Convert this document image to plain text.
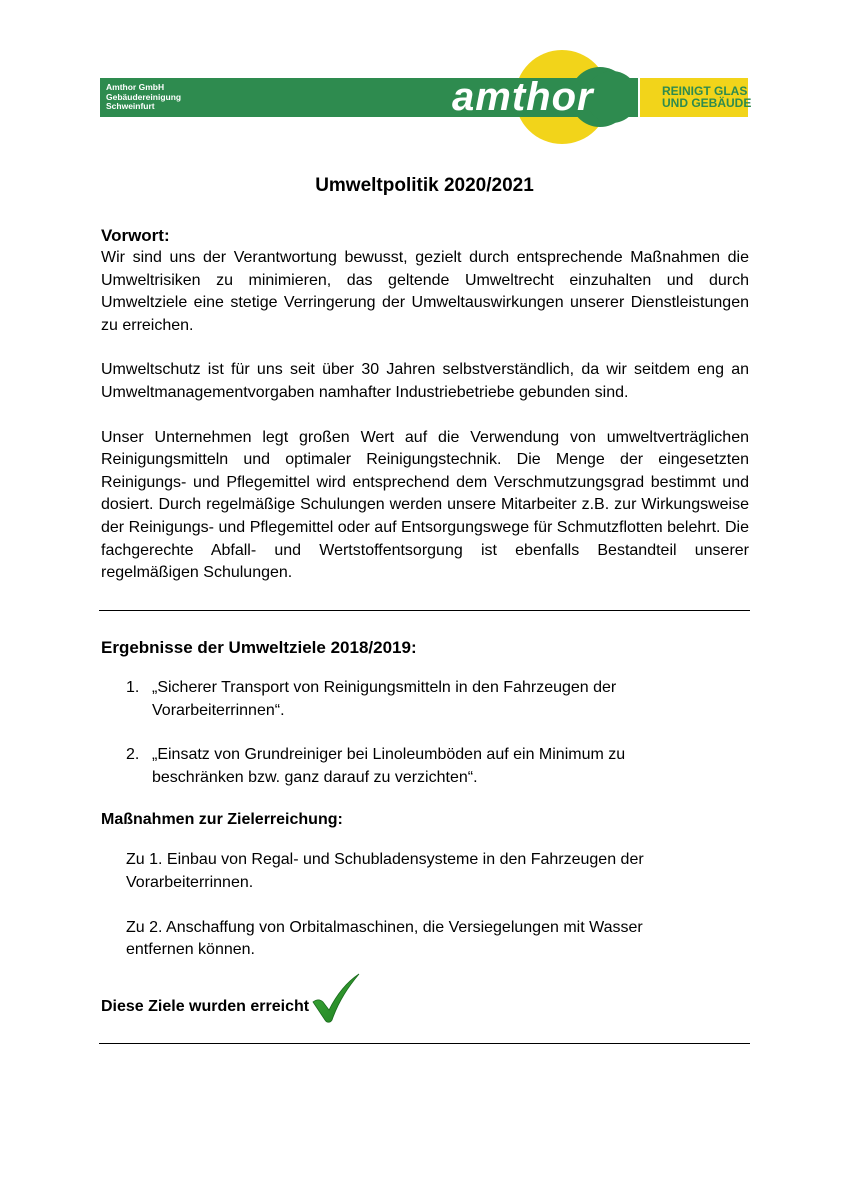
Amthor GmbH
Gebäudereinigung
Schweinfurt	amthor	REINIGT GLAS
UND GEBÄUDE
Umweltpolitik 2020/2021

Vorwort:

Wir sind uns der Verantwortung bewusst, gezielt durch entsprechende Maßnahmen die Umweltrisiken zu minimieren, das geltende Umweltrecht einzuhalten und durch Umweltziele eine stetige Verringerung der Umweltauswirkungen unserer Dienstleistungen zu erreichen.

Umweltschutz ist für uns seit über 30 Jahren selbstverständlich, da wir seitdem eng an Umweltmanagementvorgaben namhafter Industriebetriebe gebunden sind.

Unser Unternehmen legt großen Wert auf die Verwendung von umweltverträglichen Reinigungsmitteln und optimaler Reinigungstechnik. Die Menge der eingesetzten Reinigungs- und Pflegemittel wird entsprechend dem Verschmutzungsgrad bestimmt und dosiert. Durch regelmäßige Schulungen werden unsere Mitarbeiter z.B. zur Wirkungsweise der Reinigungs- und Pflegemittel oder auf Entsorgungswege für Schmutzflotten belehrt. Die fachgerechte Abfall- und Wertstoffentsorgung ist ebenfalls Bestandteil unserer regelmäßigen Schulungen.

Ergebnisse der Umweltziele 2018/2019:

1. „Sicherer Transport von Reinigungsmitteln in den Fahrzeugen der Vorarbeiterrinnen“.
2. „Einsatz von Grundreiniger bei Linoleumböden auf ein Minimum zu beschränken bzw. ganz darauf zu verzichten“.

Maßnahmen zur Zielerreichung:

Zu 1. Einbau von Regal- und Schubladensysteme in den Fahrzeugen der Vorarbeiterrinnen.
Zu 2. Anschaffung von Orbitalmaschinen, die Versiegelungen mit Wasser entfernen können.
Diese Ziele wurden erreicht
